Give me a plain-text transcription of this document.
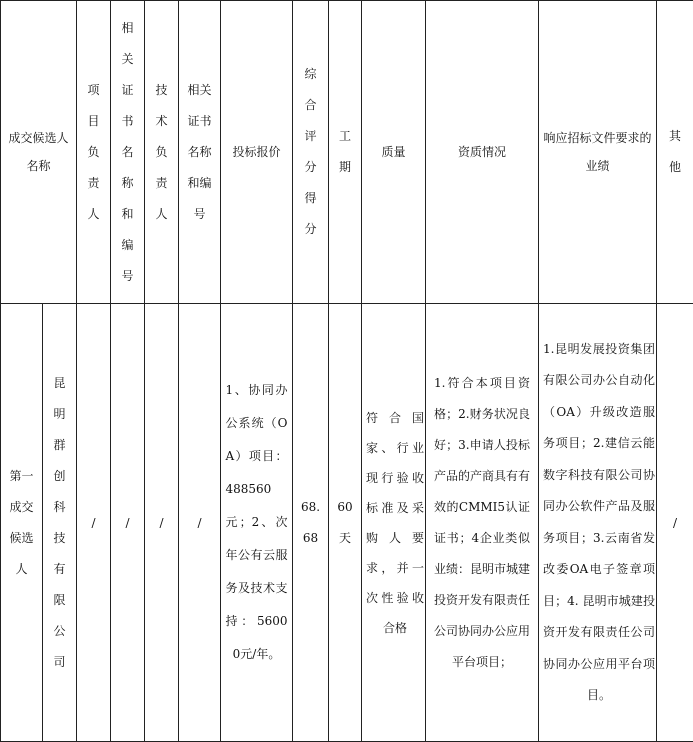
成交候选人名称		项目负责人	相关证书名称和编号	技术负责人	相关证书名称和编号	投标报价	综合评分得分	工期	质量	资质情况	响应招标文件要求的业绩	其他
第一成交候选人	昆明群创科技有限公司	/	/	/	/	1、协同办公系统（OA）项目：488560元；2、次年公有云服务及技术支持：56000元/年。	68.68	60天	符合国家、行业现行验收标准及采购人要求，并一次性验收合格	1.符合本项目资格；2.财务状况良好；3.申请人投标产品的产商具有有效的CMMI5认证证书；4企业类似业绩：昆明市城建投资开发有限责任公司协同办公应用平台项目；	1.昆明发展投资集团有限公司办公自动化（OA）升级改造服务项目；2.建信云能数字科技有限公司协同办公软件产品及服务项目；3.云南省发改委OA电子签章项目；4. 昆明市城建投资开发有限责任公司协同办公应用平台项目。	/
